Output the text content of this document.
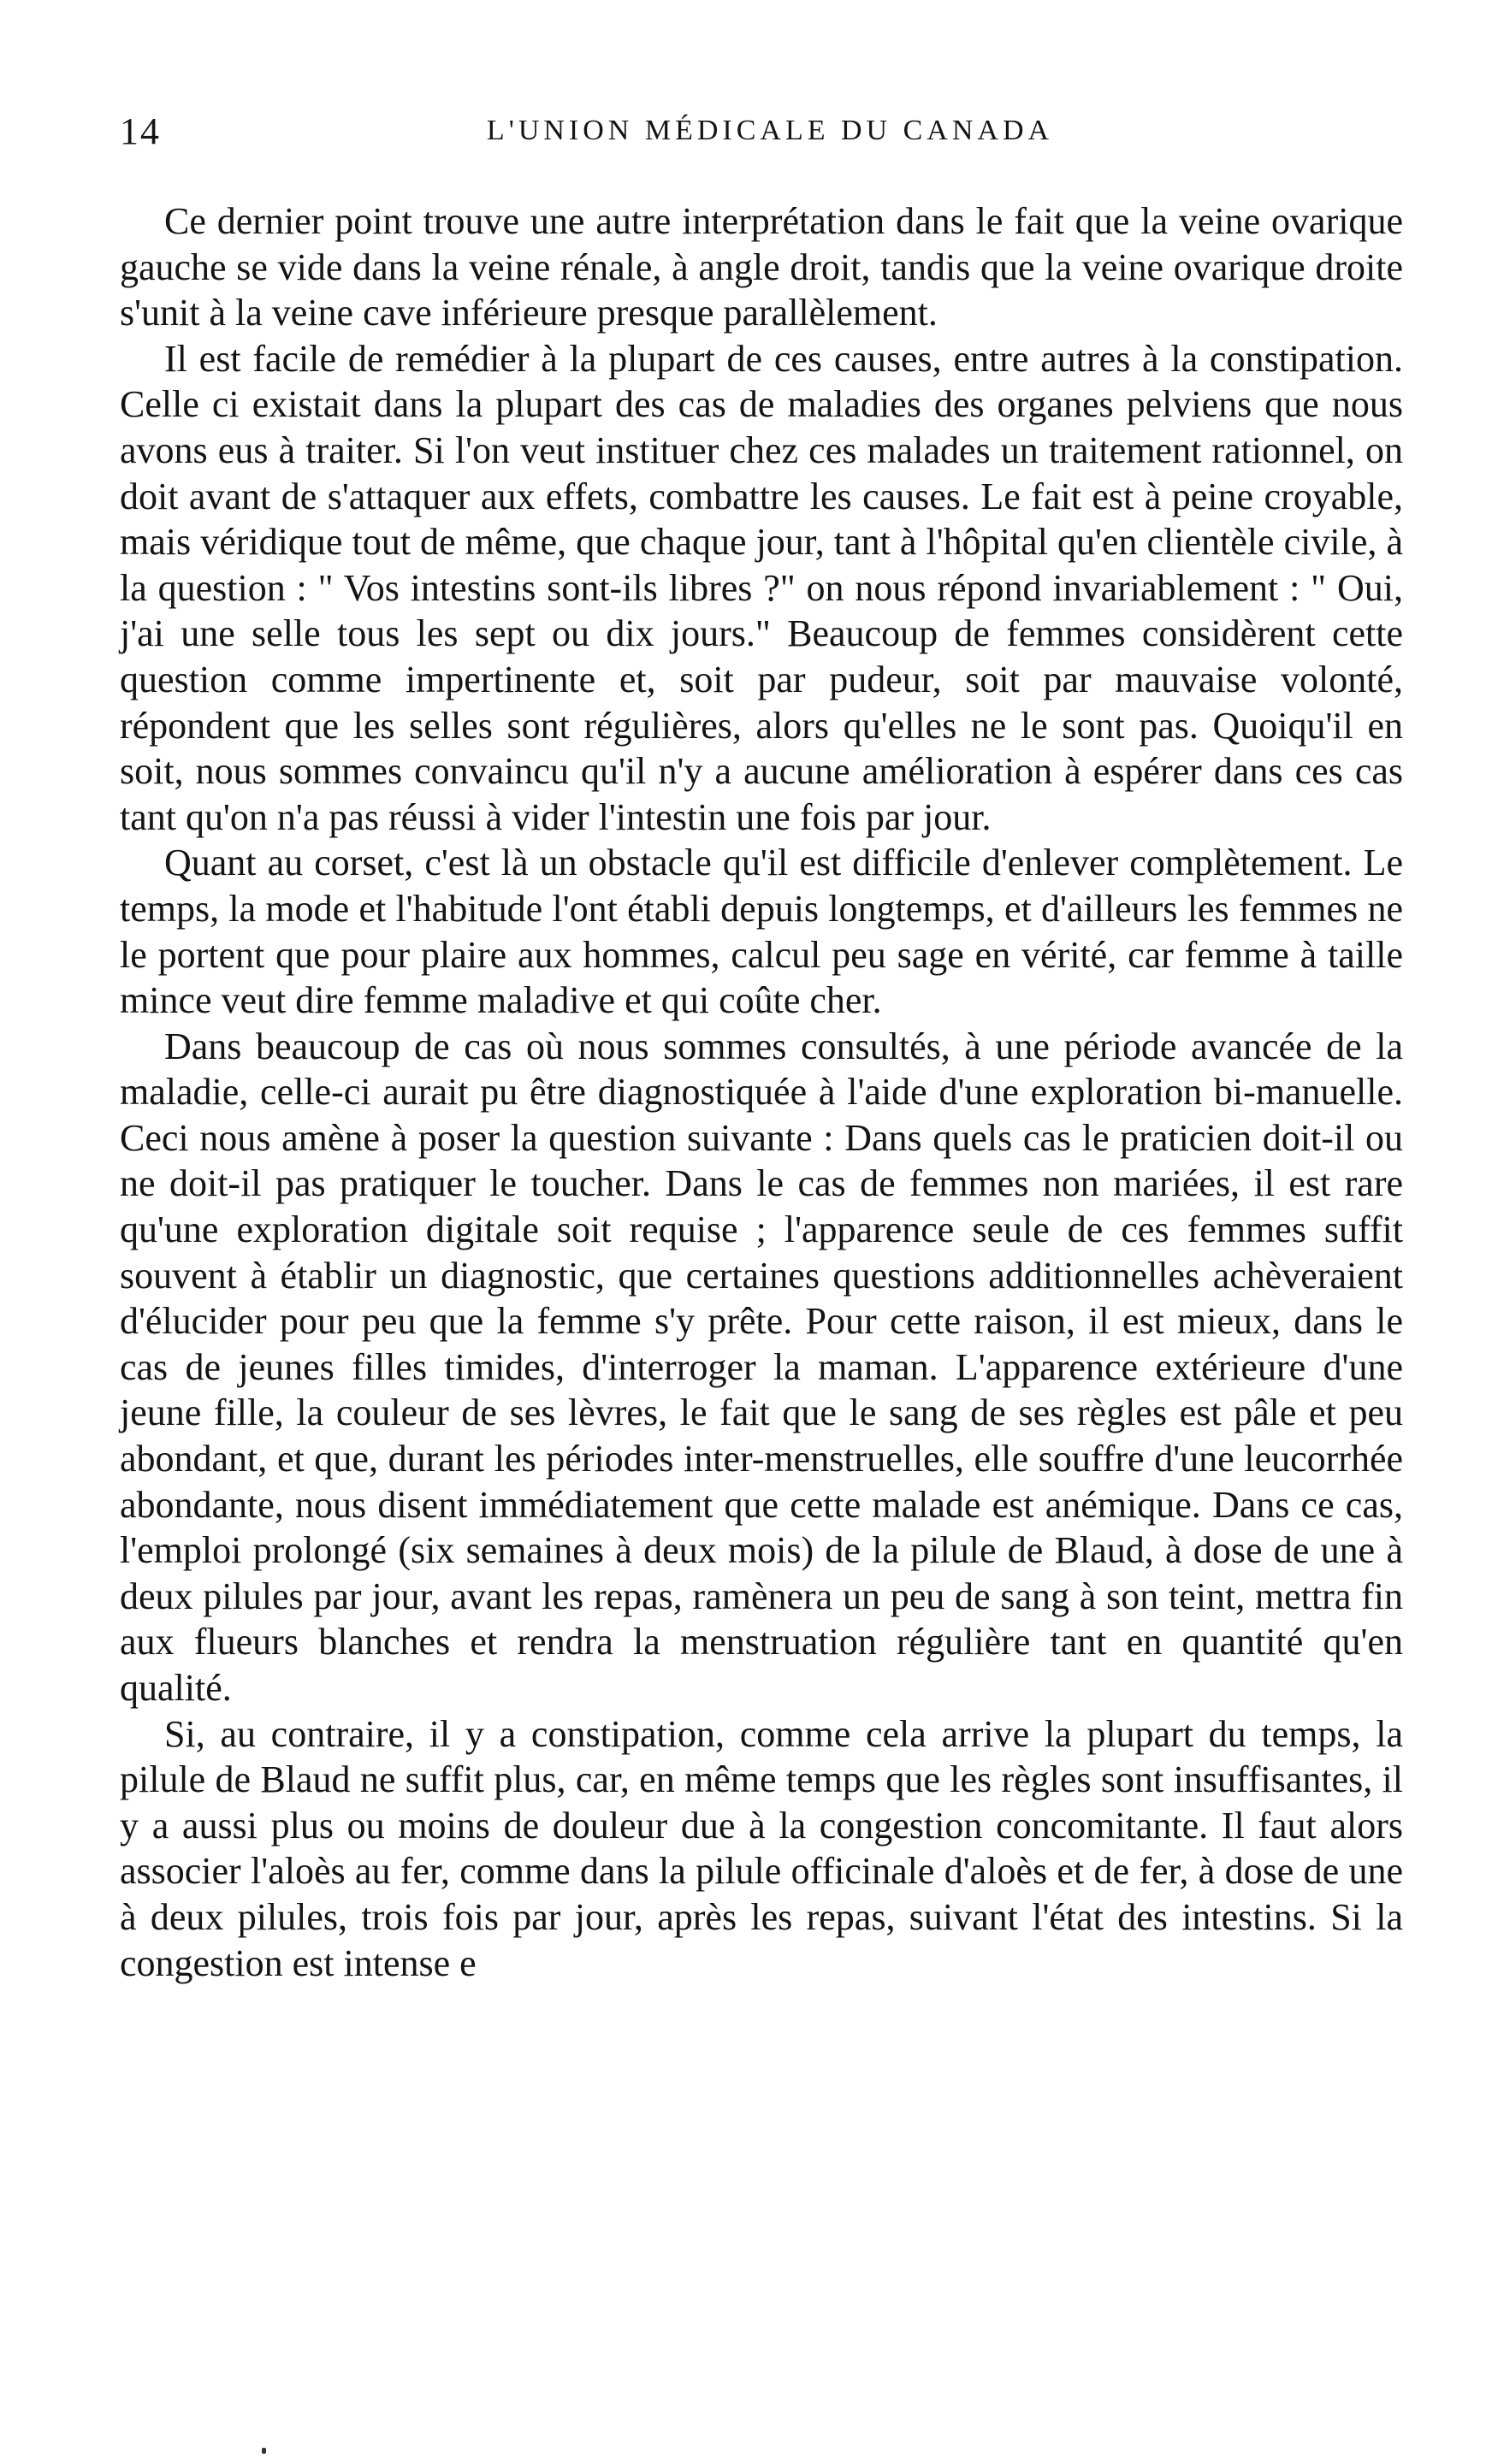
14	L'UNION MÉDICALE DU CANADA

Ce dernier point trouve une autre interprétation dans le fait que la veine ovarique gauche se vide dans la veine rénale, à angle droit, tandis que la veine ovarique droite s'unit à la veine cave inférieure presque parallèlement.

Il est facile de remédier à la plupart de ces causes, entre autres à la constipation. Celle ci existait dans la plupart des cas de maladies des organes pelviens que nous avons eus à traiter. Si l'on veut instituer chez ces malades un traitement rationnel, on doit avant de s'attaquer aux effets, combattre les causes. Le fait est à peine croyable, mais véridique tout de même, que chaque jour, tant à l'hôpital qu'en clientèle civile, à la question : " Vos intestins sont-ils libres ?" on nous répond invariablement : " Oui, j'ai une selle tous les sept ou dix jours." Beaucoup de femmes considèrent cette question comme impertinente et, soit par pudeur, soit par mauvaise volonté, répondent que les selles sont régulières, alors qu'elles ne le sont pas. Quoiqu'il en soit, nous sommes convaincu qu'il n'y a aucune amélioration à espérer dans ces cas tant qu'on n'a pas réussi à vider l'intestin une fois par jour.

Quant au corset, c'est là un obstacle qu'il est difficile d'enlever complètement. Le temps, la mode et l'habitude l'ont établi depuis longtemps, et d'ailleurs les femmes ne le portent que pour plaire aux hommes, calcul peu sage en vérité, car femme à taille mince veut dire femme maladive et qui coûte cher.

Dans beaucoup de cas où nous sommes consultés, à une période avancée de la maladie, celle-ci aurait pu être diagnostiquée à l'aide d'une exploration bi-manuelle. Ceci nous amène à poser la question suivante : Dans quels cas le praticien doit-il ou ne doit-il pas pratiquer le toucher. Dans le cas de femmes non mariées, il est rare qu'une exploration digitale soit requise ; l'apparence seule de ces femmes suffit souvent à établir un diagnostic, que certaines questions additionnelles achèveraient d'élucider pour peu que la femme s'y prête. Pour cette raison, il est mieux, dans le cas de jeunes filles timides, d'interroger la maman. L'apparence extérieure d'une jeune fille, la couleur de ses lèvres, le fait que le sang de ses règles est pâle et peu abondant, et que, durant les périodes inter-menstruelles, elle souffre d'une leucorrhée abondante, nous disent immédiatement que cette malade est anémique. Dans ce cas, l'emploi prolongé (six semaines à deux mois) de la pilule de Blaud, à dose de une à deux pilules par jour, avant les repas, ramènera un peu de sang à son teint, mettra fin aux flueurs blanches et rendra la menstruation régulière tant en quantité qu'en qualité.

Si, au contraire, il y a constipation, comme cela arrive la plupart du temps, la pilule de Blaud ne suffit plus, car, en même temps que les règles sont insuffisantes, il y a aussi plus ou moins de douleur due à la congestion concomitante. Il faut alors associer l'aloès au fer, comme dans la pilule officinale d'aloès et de fer, à dose de une à deux pilules, trois fois par jour, après les repas, suivant l'état des intestins. Si la congestion est intense e
